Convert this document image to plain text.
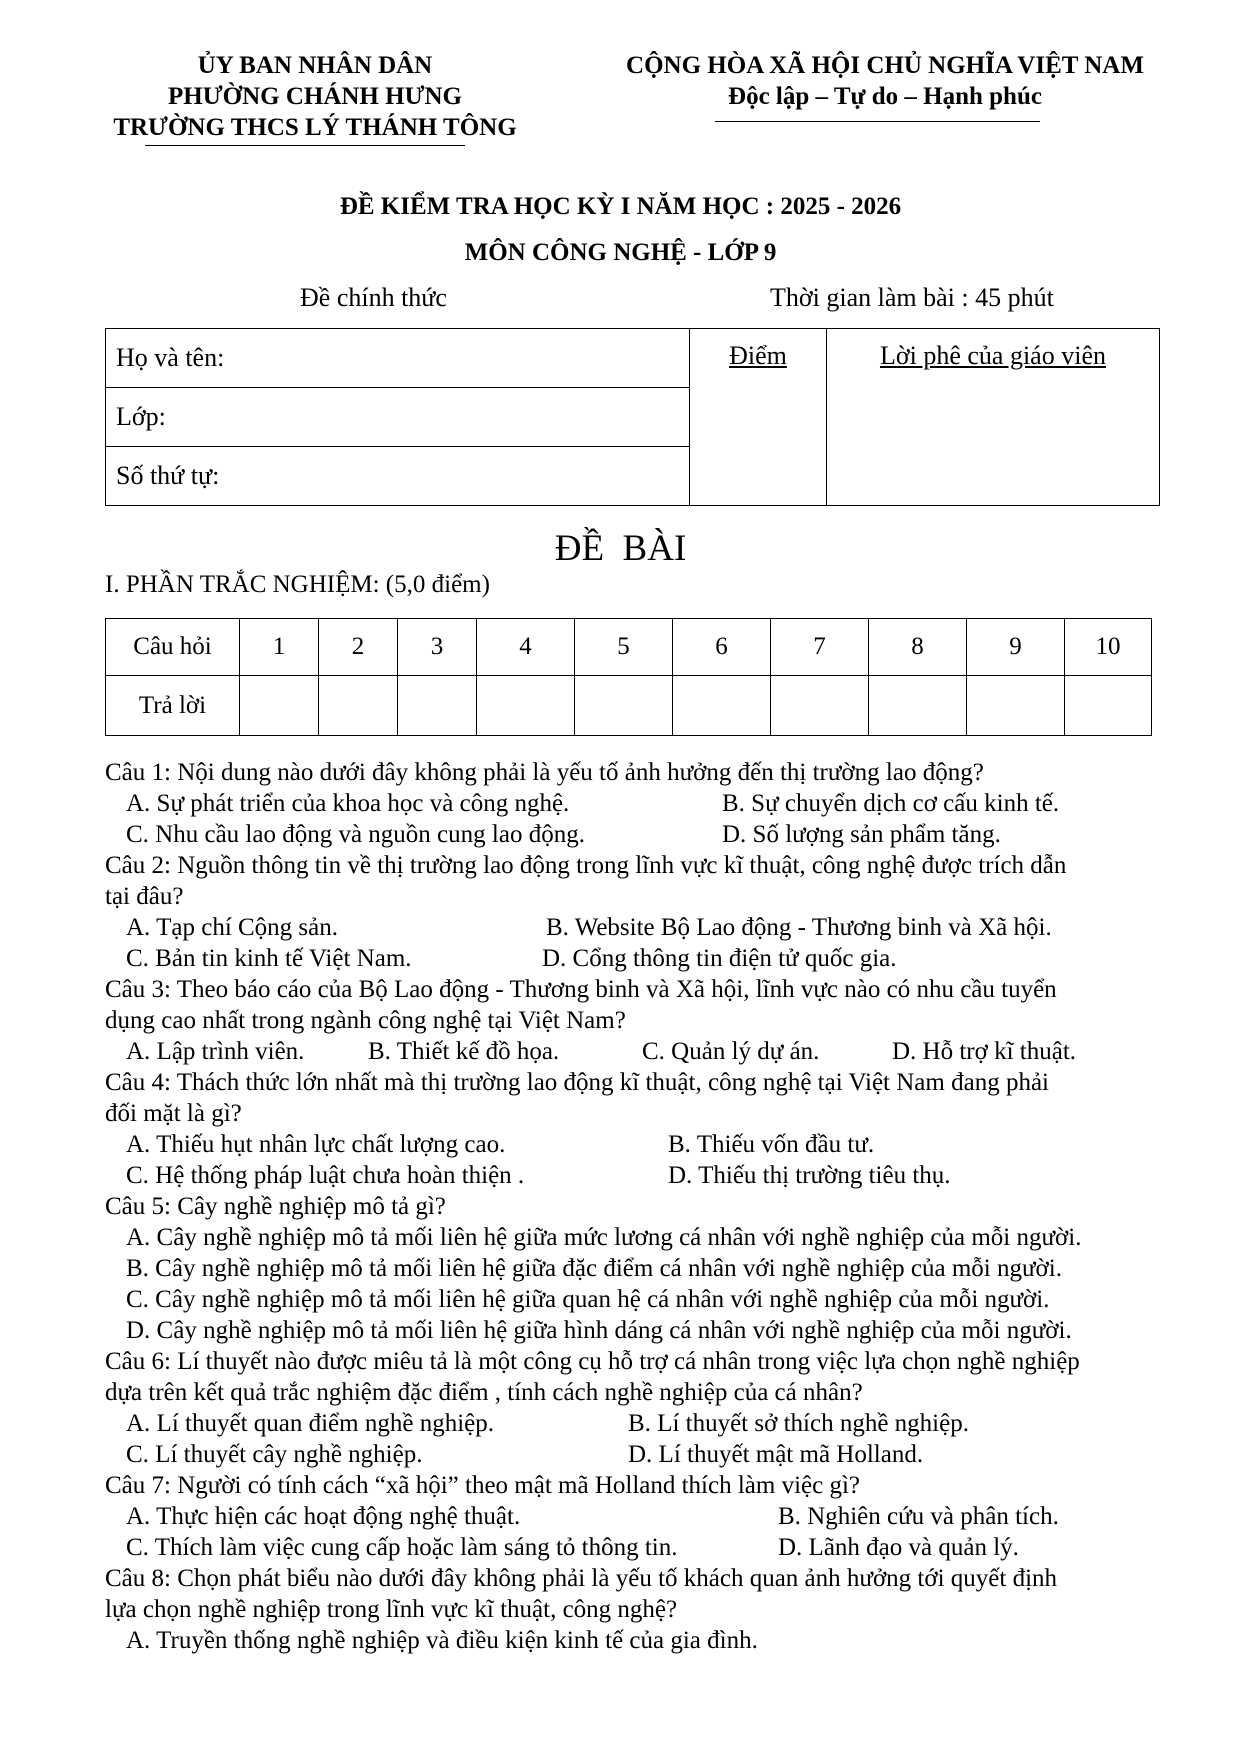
ỦY BAN NHÂN DÂN
PHƯỜNG CHÁNH HƯNG
TRƯỜNG THCS LÝ THÁNH TÔNG
CỘNG HÒA XÃ HỘI CHỦ NGHĨA VIỆT NAM
Độc lập – Tự do – Hạnh phúc
ĐỀ KIỂM TRA HỌC KỲ I NĂM HỌC : 2025 - 2026
MÔN CÔNG NGHỆ - LỚP 9
Đề chính thức	Thời gian làm bài : 45 phút
Họ và tên:	Điểm	Lời phê của giáo viên
Lớp:
Số thứ tự:
ĐỀ  BÀI
I. PHẦN TRẮC NGHIỆM: (5,0 điểm)
Câu hỏi	1	2	3	4	5	6	7	8	9	10
Trả lời										
Câu 1: Nội dung nào dưới đây không phải là yếu tố ảnh hưởng đến thị trường lao động?
A. Sự phát triển của khoa học và công nghệ.	B. Sự chuyển dịch cơ cấu kinh tế.
C. Nhu cầu lao động và nguồn cung lao động.	D. Số lượng sản phẩm tăng.
Câu 2: Nguồn thông tin về thị trường lao động trong lĩnh vực kĩ thuật, công nghệ được trích dẫn
tại đâu?
A. Tạp chí Cộng sản.	B. Website Bộ Lao động - Thương binh và Xã hội.
C. Bản tin kinh tế Việt Nam.	D. Cổng thông tin điện tử quốc gia.
Câu 3: Theo báo cáo của Bộ Lao động - Thương binh và Xã hội, lĩnh vực nào có nhu cầu tuyển
dụng cao nhất trong ngành công nghệ tại Việt Nam?
A. Lập trình viên.	B. Thiết kế đồ họa.	C. Quản lý dự án.	D. Hỗ trợ kĩ thuật.
Câu 4: Thách thức lớn nhất mà thị trường lao động kĩ thuật, công nghệ tại Việt Nam đang phải
đối mặt là gì?
A. Thiếu hụt nhân lực chất lượng cao.	B. Thiếu vốn đầu tư.
C. Hệ thống pháp luật chưa hoàn thiện .	D. Thiếu thị trường tiêu thụ.
Câu 5: Cây nghề nghiệp mô tả gì?
A. Cây nghề nghiệp mô tả mối liên hệ giữa mức lương cá nhân với nghề nghiệp của mỗi người.
B. Cây nghề nghiệp mô tả mối liên hệ giữa đặc điểm cá nhân với nghề nghiệp của mỗi người.
C. Cây nghề nghiệp mô tả mối liên hệ giữa quan hệ cá nhân với nghề nghiệp của mỗi người.
D. Cây nghề nghiệp mô tả mối liên hệ giữa hình dáng cá nhân với nghề nghiệp của mỗi người.
Câu 6: Lí thuyết nào được miêu tả là một công cụ hỗ trợ cá nhân trong việc lựa chọn nghề nghiệp
dựa trên kết quả trắc nghiệm đặc điểm , tính cách nghề nghiệp của cá nhân?
A. Lí thuyết quan điểm nghề nghiệp.	B. Lí thuyết sở thích nghề nghiệp.
C. Lí thuyết cây nghề nghiệp.	D. Lí thuyết mật mã Holland.
Câu 7: Người có tính cách “xã hội” theo mật mã Holland thích làm việc gì?
A. Thực hiện các hoạt động nghệ thuật.	B. Nghiên cứu và phân tích.
C. Thích làm việc cung cấp hoặc làm sáng tỏ thông tin.	D. Lãnh đạo và quản lý.
Câu 8: Chọn phát biểu nào dưới đây không phải là yếu tố khách quan ảnh hưởng tới quyết định
lựa chọn nghề nghiệp trong lĩnh vực kĩ thuật, công nghệ?
A. Truyền thống nghề nghiệp và điều kiện kinh tế của gia đình.
